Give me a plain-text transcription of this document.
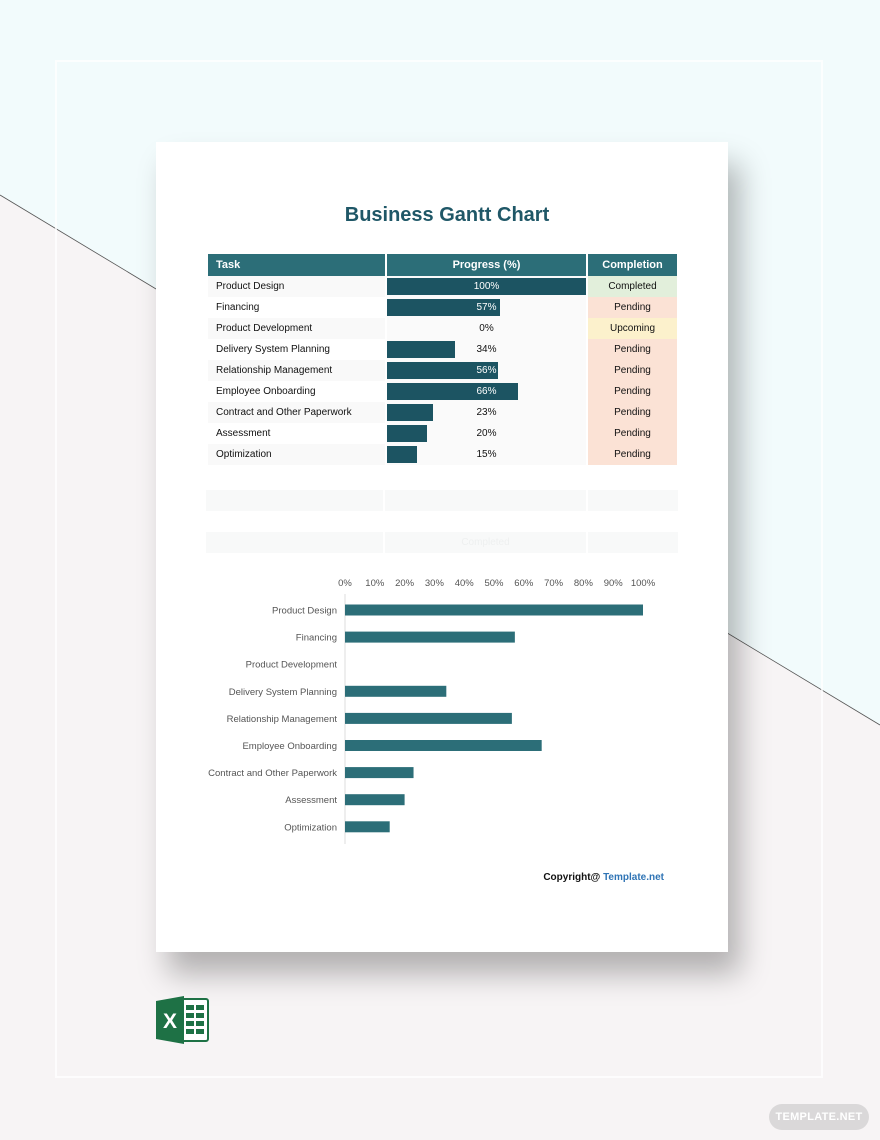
Business Gantt Chart
Task	Progress (%)	Completion
Product Design	100%	Completed
Financing	57%	Pending
Product Development	0%	Upcoming
Delivery System Planning	34%	Pending
Relationship Management	56%	Pending
Employee Onboarding	66%	Pending
Contract and Other Paperwork	23%	Pending
Assessment	20%	Pending
Optimization	15%	Pending
Completed
0% 10% 20% 30% 40% 50% 60% 70% 80% 90% 100%
Product Design
Financing
Product Development
Delivery System Planning
Relationship Management
Employee Onboarding
Contract and Other Paperwork
Assessment
Optimization
Copyright@ Template.net
X
TEMPLATE.NET
